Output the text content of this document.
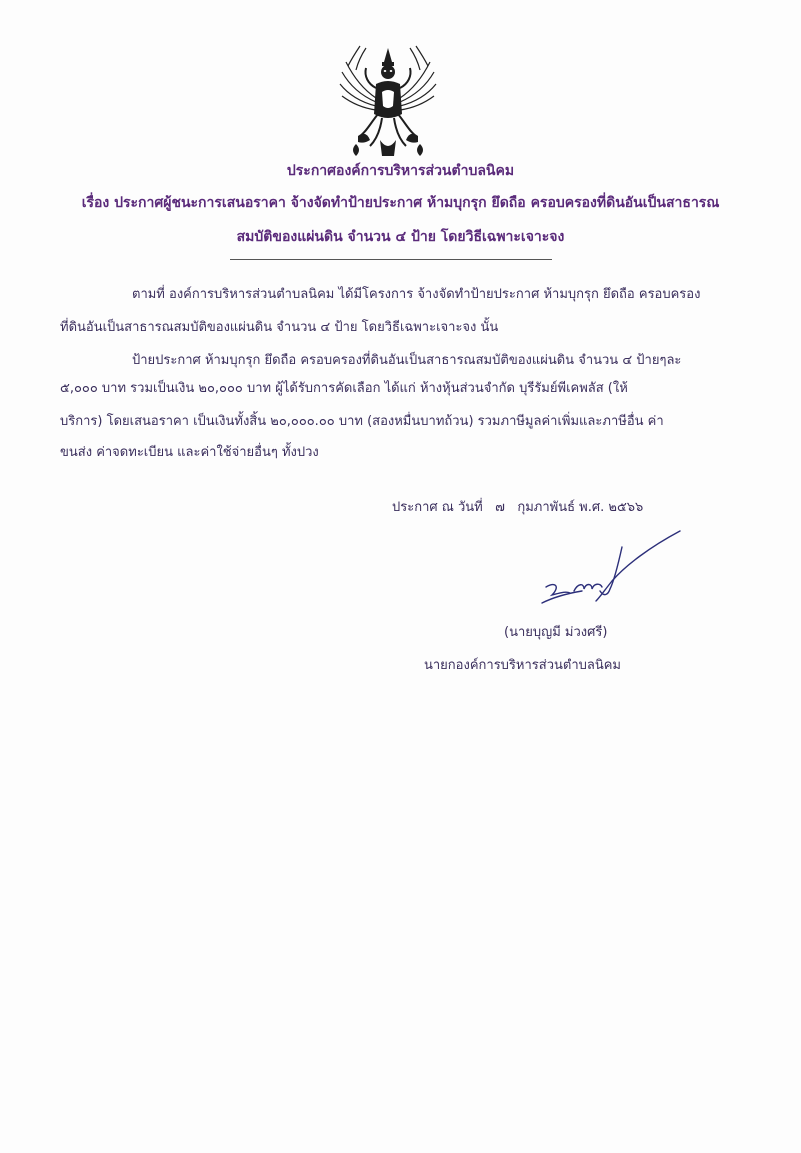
ประกาศองค์การบริหารส่วนตำบลนิคม
เรื่อง ประกาศผู้ชนะการเสนอราคา จ้างจัดทำป้ายประกาศ ห้ามบุกรุก ยึดถือ ครอบครองที่ดินอันเป็นสาธารณ
สมบัติของแผ่นดิน จำนวน ๔ ป้าย โดยวิธีเฉพาะเจาะจง
ตามที่ องค์การบริหารส่วนตำบลนิคม ได้มีโครงการ จ้างจัดทำป้ายประกาศ ห้ามบุกรุก ยึดถือ ครอบครอง
ที่ดินอันเป็นสาธารณสมบัติของแผ่นดิน จำนวน ๔ ป้าย โดยวิธีเฉพาะเจาะจง นั้น
ป้ายประกาศ ห้ามบุกรุก ยึดถือ ครอบครองที่ดินอันเป็นสาธารณสมบัติของแผ่นดิน จำนวน ๔ ป้ายๆละ
๕,๐๐๐ บาท รวมเป็นเงิน ๒๐,๐๐๐ บาท ผู้ได้รับการคัดเลือก ได้แก่ ห้างหุ้นส่วนจำกัด บุรีรัมย์พีเคพลัส (ให้
บริการ) โดยเสนอราคา เป็นเงินทั้งสิ้น ๒๐,๐๐๐.๐๐ บาท (สองหมื่นบาทถ้วน) รวมภาษีมูลค่าเพิ่มและภาษีอื่น ค่า
ขนส่ง ค่าจดทะเบียน และค่าใช้จ่ายอื่นๆ ทั้งปวง
ประกาศ ณ วันที่ ๗ กุมภาพันธ์ พ.ศ. ๒๕๖๖
(นายบุญมี ม่วงศรี)
นายกองค์การบริหารส่วนตำบลนิคม
